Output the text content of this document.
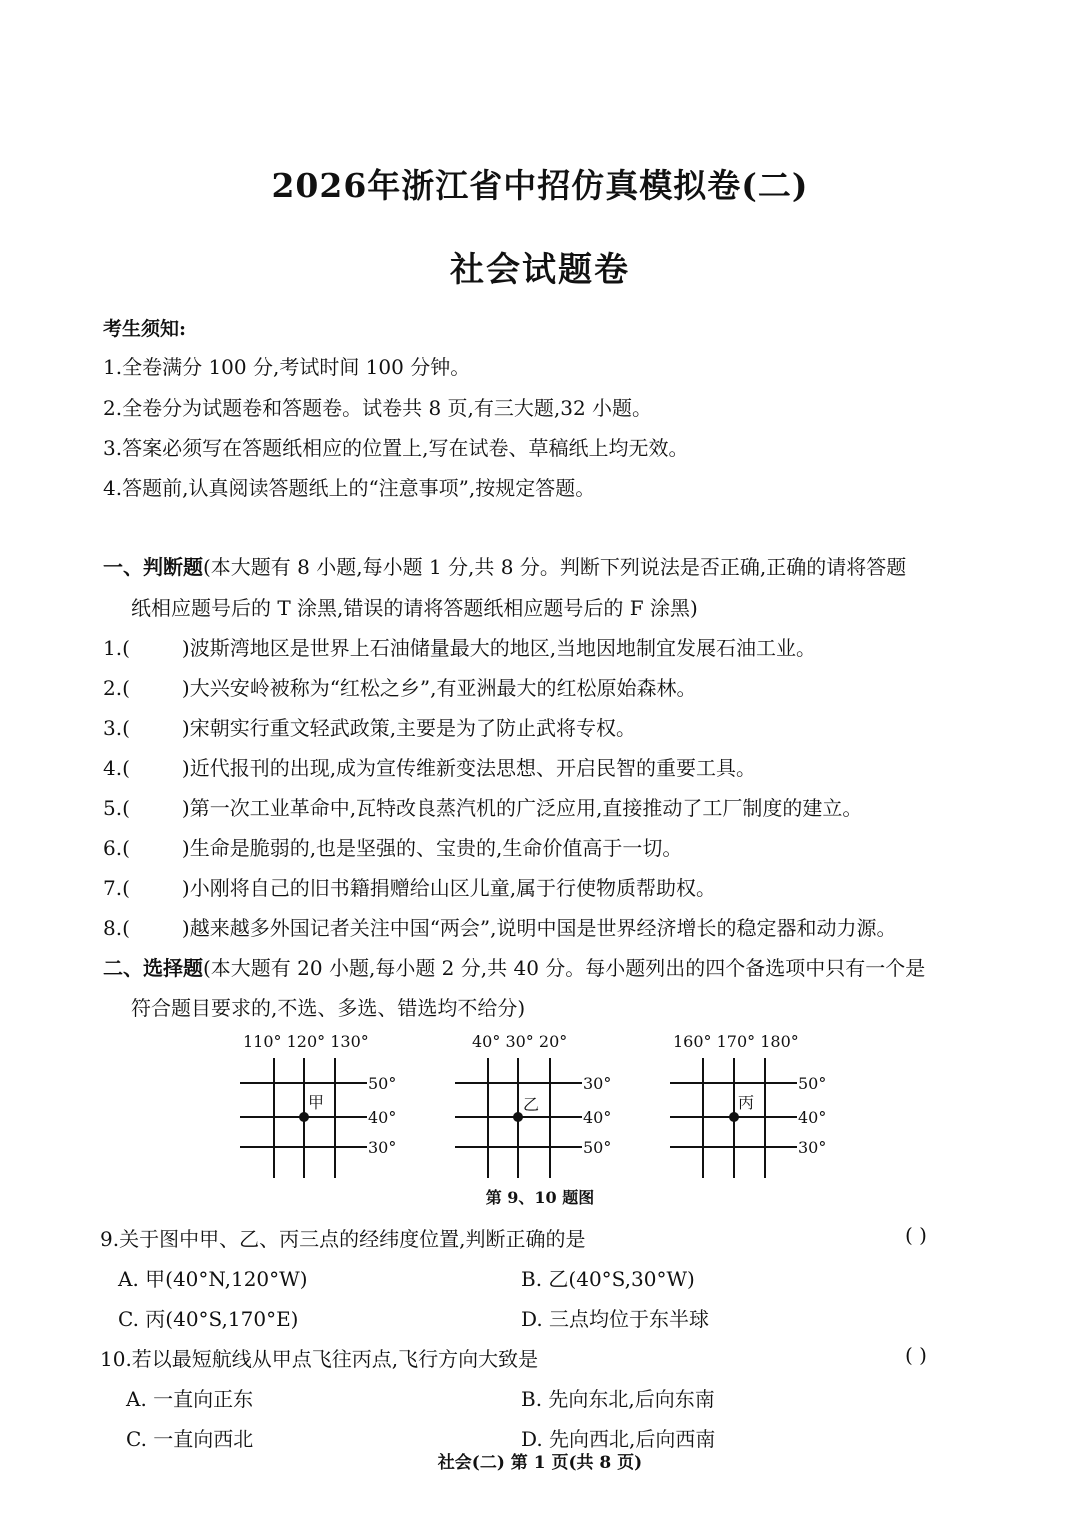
2026年浙江省中招仿真模拟卷(二)
社会试题卷
考生须知:
1.全卷满分 100 分,考试时间 100 分钟。
2.全卷分为试题卷和答题卷。试卷共 8 页,有三大题,32 小题。
3.答案必须写在答题纸相应的位置上,写在试卷、草稿纸上均无效。
4.答题前,认真阅读答题纸上的“注意事项”,按规定答题。
一、判断题(本大题有 8 小题,每小题 1 分,共 8 分。判断下列说法是否正确,正确的请将答题
纸相应题号后的 T 涂黑,错误的请将答题纸相应题号后的 F 涂黑)
1.(	)波斯湾地区是世界上石油储量最大的地区,当地因地制宜发展石油工业。
2.(	)大兴安岭被称为“红松之乡”,有亚洲最大的红松原始森林。
3.(	)宋朝实行重文轻武政策,主要是为了防止武将专权。
4.(	)近代报刊的出现,成为宣传维新变法思想、开启民智的重要工具。
5.(	)第一次工业革命中,瓦特改良蒸汽机的广泛应用,直接推动了工厂制度的建立。
6.(	)生命是脆弱的,也是坚强的、宝贵的,生命价值高于一切。
7.(	)小刚将自己的旧书籍捐赠给山区儿童,属于行使物质帮助权。
8.(	)越来越多外国记者关注中国“两会”,说明中国是世界经济增长的稳定器和动力源。
二、选择题(本大题有 20 小题,每小题 2 分,共 40 分。每小题列出的四个备选项中只有一个是
符合题目要求的,不选、多选、错选均不给分)
110° 120° 130°
50°
40°
30°
甲
40° 30° 20°
30°
40°
50°
乙
160° 170° 180°
50°
40°
30°
丙
第 9、10 题图
9.关于图中甲、乙、丙三点的经纬度位置,判断正确的是	( )
A. 甲(40°N,120°W)	B. 乙(40°S,30°W)
C. 丙(40°S,170°E)	D. 三点均位于东半球
10.若以最短航线从甲点飞往丙点,飞行方向大致是	( )
A. 一直向正东	B. 先向东北,后向东南
C. 一直向西北	D. 先向西北,后向西南
社会(二) 第 1 页(共 8 页)
